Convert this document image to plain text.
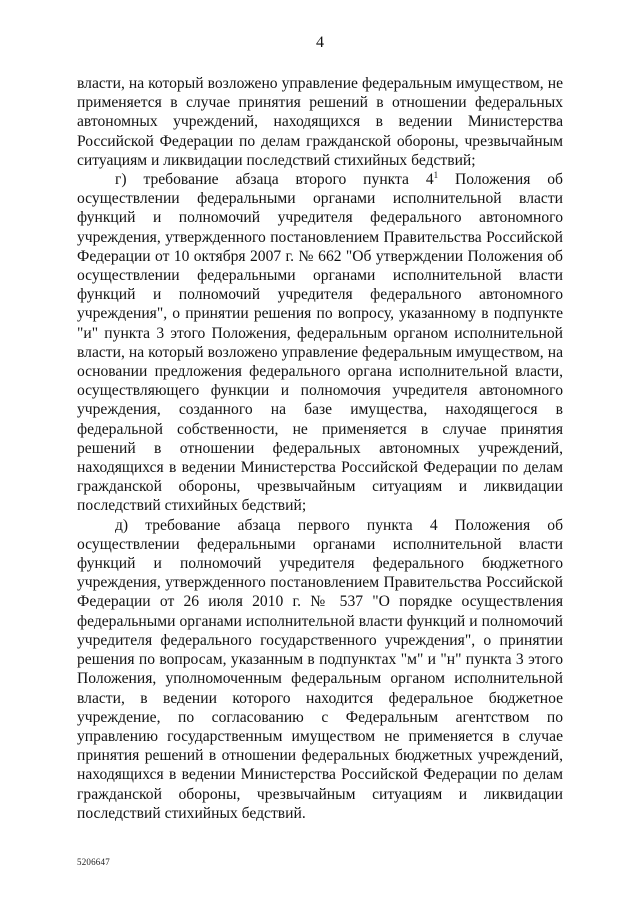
4

власти, на который возложено управление федеральным имуществом, не применяется в случае принятия решений в отношении федеральных автономных учреждений, находящихся в ведении Министерства Российской Федерации по делам гражданской обороны, чрезвычайным ситуациям и ликвидации последствий стихийных бедствий;

г) требование абзаца второго пункта $4^1$ Положения об осуществлении федеральными органами исполнительной власти функций и полномочий учредителя федерального автономного учреждения, утвержденного постановлением Правительства Российской Федерации от 10 октября 2007 г. № 662 "Об утверждении Положения об осуществлении федеральными органами исполнительной власти функций и полномочий учредителя федерального автономного учреждения", о принятии решения по вопросу, указанному в подпункте "и" пункта 3 этого Положения, федеральным органом исполнительной власти, на который возложено управление федеральным имуществом, на основании предложения федерального органа исполнительной власти, осуществляющего функции и полномочия учредителя автономного учреждения, созданного на базе имущества, находящегося в федеральной собственности, не применяется в случае принятия решений в отношении федеральных автономных учреждений, находящихся в ведении Министерства Российской Федерации по делам гражданской обороны, чрезвычайным ситуациям и ликвидации последствий стихийных бедствий;

д) требование абзаца первого пункта 4 Положения об осуществлении федеральными органами исполнительной власти функций и полномочий учредителя федерального бюджетного учреждения, утвержденного постановлением Правительства Российской Федерации от 26 июля 2010 г. № 537 "О порядке осуществления федеральными органами исполнительной власти функций и полномочий учредителя федерального государственного учреждения", о принятии решения по вопросам, указанным в подпунктах "м" и "н" пункта 3 этого Положения, уполномоченным федеральным органом исполнительной власти, в ведении которого находится федеральное бюджетное учреждение, по согласованию с Федеральным агентством по управлению государственным имуществом не применяется в случае принятия решений в отношении федеральных бюджетных учреждений, находящихся в ведении Министерства Российской Федерации по делам гражданской обороны, чрезвычайным ситуациям и ликвидации последствий стихийных бедствий.

5206647
